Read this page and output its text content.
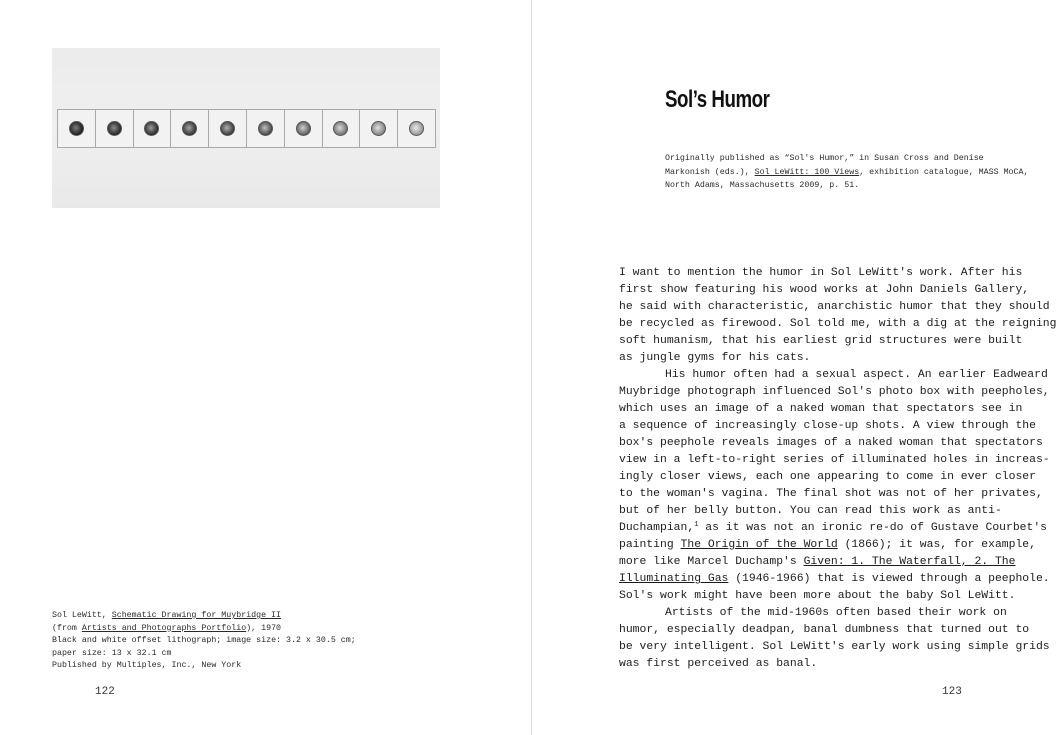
Sol LeWitt, Schematic Drawing for Muybridge II
(from Artists and Photographs Portfolio), 1970
Black and white offset lithograph; image size: 3.2 x 30.5 cm;
paper size: 13 x 32.1 cm
Published by Multiples, Inc., New York
122
Sol’s Humor
Originally published as “Sol's Humor,” in Susan Cross and Denise
Markonish (eds.), Sol LeWitt: 100 Views, exhibition catalogue, MASS MoCA,
North Adams, Massachusetts 2009, p. 51.
I want to mention the humor in Sol LeWitt's work. After his
first show featuring his wood works at John Daniels Gallery,
he said with characteristic, anarchistic humor that they should
be recycled as firewood. Sol told me, with a dig at the reigning
soft humanism, that his earliest grid structures were built
as jungle gyms for his cats.
His humor often had a sexual aspect. An earlier Eadweard
Muybridge photograph influenced Sol's photo box with peepholes,
which uses an image of a naked woman that spectators see in
a sequence of increasingly close-up shots. A view through the
box's peephole reveals images of a naked woman that spectators
view in a left-to-right series of illuminated holes in increas-
ingly closer views, each one appearing to come in ever closer
to the woman's vagina. The final shot was not of her privates,
but of her belly button. You can read this work as anti-
Duchampian,$^1$ as it was not an ironic re-do of Gustave Courbet's
painting The Origin of the World (1866); it was, for example,
more like Marcel Duchamp's Given: 1. The Waterfall, 2. The
Illuminating Gas (1946-1966) that is viewed through a peephole.
Sol's work might have been more about the baby Sol LeWitt.
Artists of the mid-1960s often based their work on
humor, especially deadpan, banal dumbness that turned out to
be very intelligent. Sol LeWitt's early work using simple grids
was first perceived as banal.
123
